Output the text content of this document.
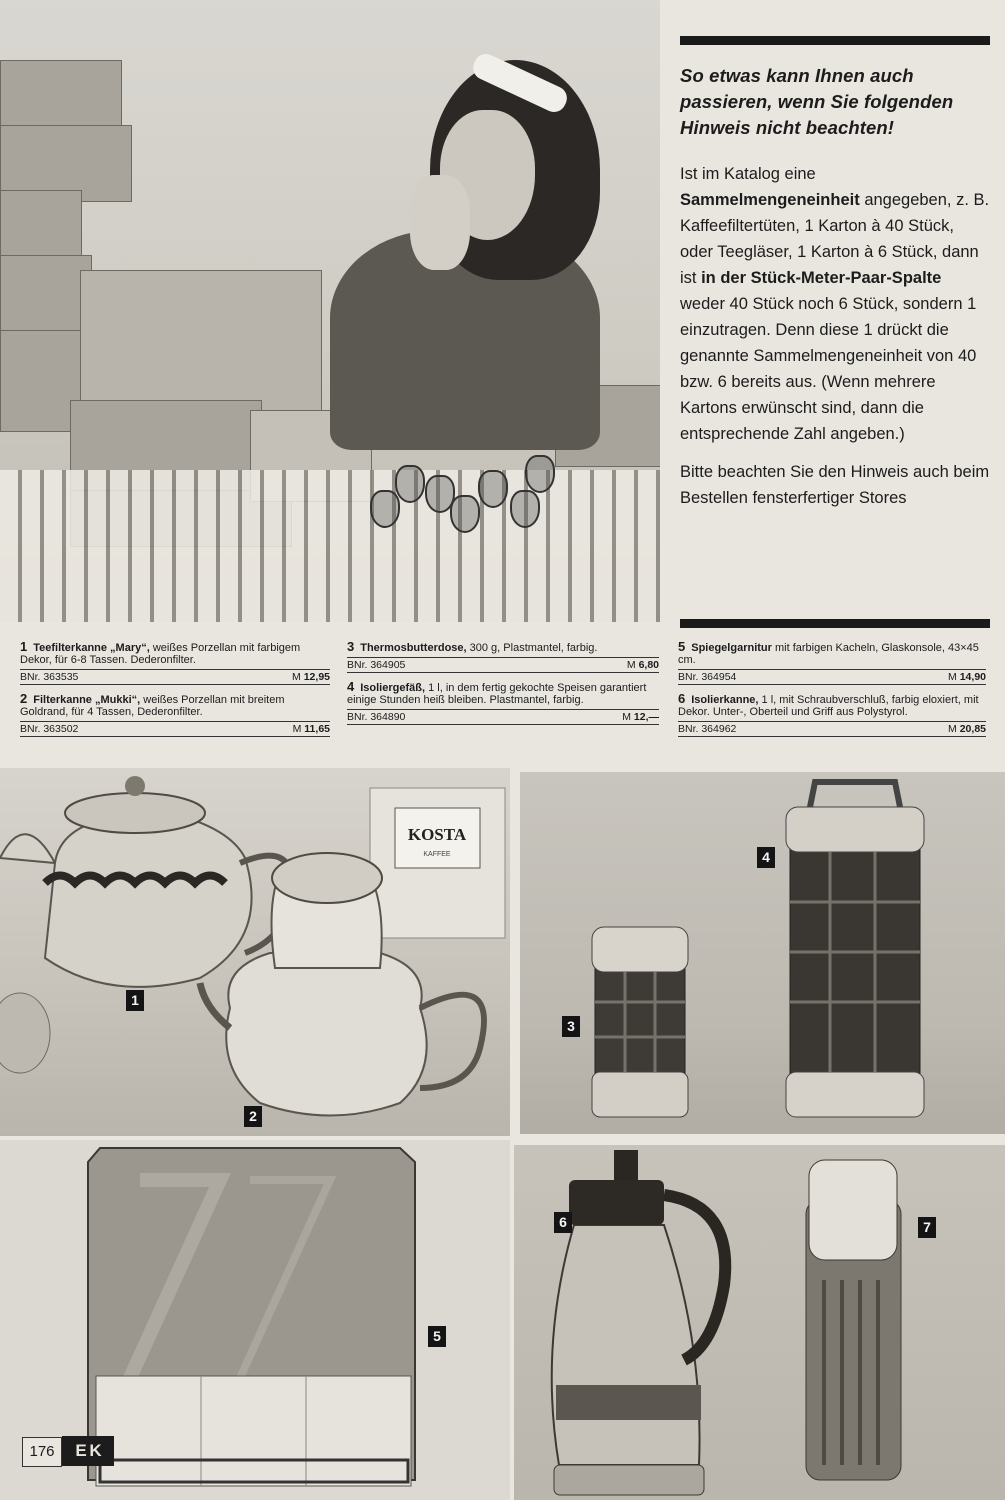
So etwas kann Ihnen auch passieren, wenn Sie folgenden Hinweis nicht beachten!

Ist im Katalog eine Sammelmengeneinheit angegeben, z. B. Kaffeefiltertüten, 1 Karton à 40 Stück, oder Teegläser, 1 Karton à 6 Stück, dann ist in der Stück-Meter-Paar-Spalte weder 40 Stück noch 6 Stück, sondern 1 einzutragen. Denn diese 1 drückt die genannte Sammelmengeneinheit von 40 bzw. 6 bereits aus. (Wenn mehrere Kartons erwünscht sind, dann die entsprechende Zahl angeben.)

Bitte beachten Sie den Hinweis auch beim Bestellen fensterfertiger Stores

1 Teefilterkanne „Mary“, weißes Porzellan mit farbigem Dekor, für 6-8 Tassen. Dederonfilter.
BNr. 363535	M 12,95
2 Filterkanne „Mukki“, weißes Porzellan mit breitem Goldrand, für 4 Tassen, Dederonfilter.
BNr. 363502	M 11,65
3 Thermosbutterdose, 300 g, Plastmantel, farbig.
BNr. 364905	M 6,80
4 Isoliergefäß, 1 l, in dem fertig gekochte Speisen garantiert einige Stunden heiß bleiben. Plastmantel, farbig.
BNr. 364890	M 12,—
5 Spiegelgarnitur mit farbigen Kacheln, Glaskonsole, 43×45 cm.
BNr. 364954	M 14,90
6 Isolierkanne, 1 l, mit Schraubverschluß, farbig eloxiert, mit Dekor. Unter-, Oberteil und Griff aus Polystyrol.
BNr. 364962	M 20,85
KOSTA
KAFFEE
1
2
3
4
5
176	E K
6	7
